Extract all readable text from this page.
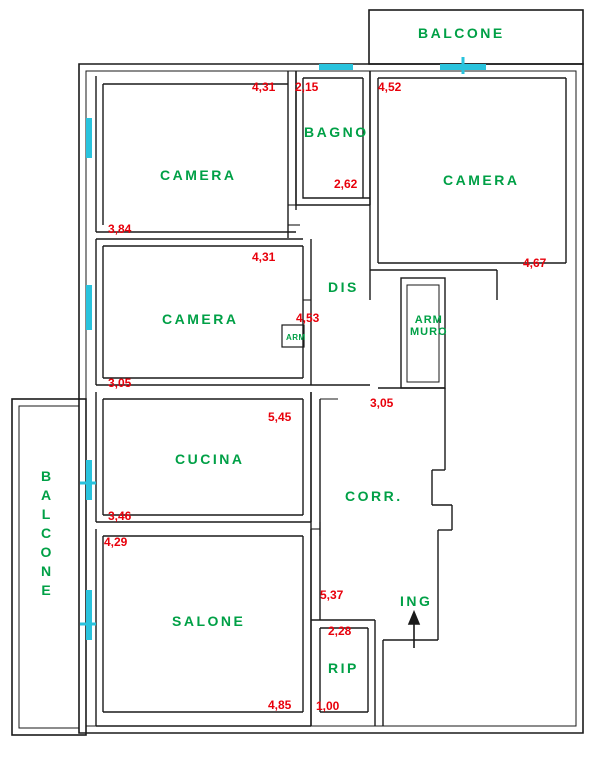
BALCONE
CAMERA
BAGNO
CAMERA
CAMERA
DIS
ARM
MURO
ARM
CUCINA
CORR.
BALCONE
SALONE
ING
RIP
4,31 2,15	4,52
2,62
3,84
4,31	4,67
4,53
3,05
3,05
5,45
3,46
4,29
5,37
2,28
4,85 1,00
